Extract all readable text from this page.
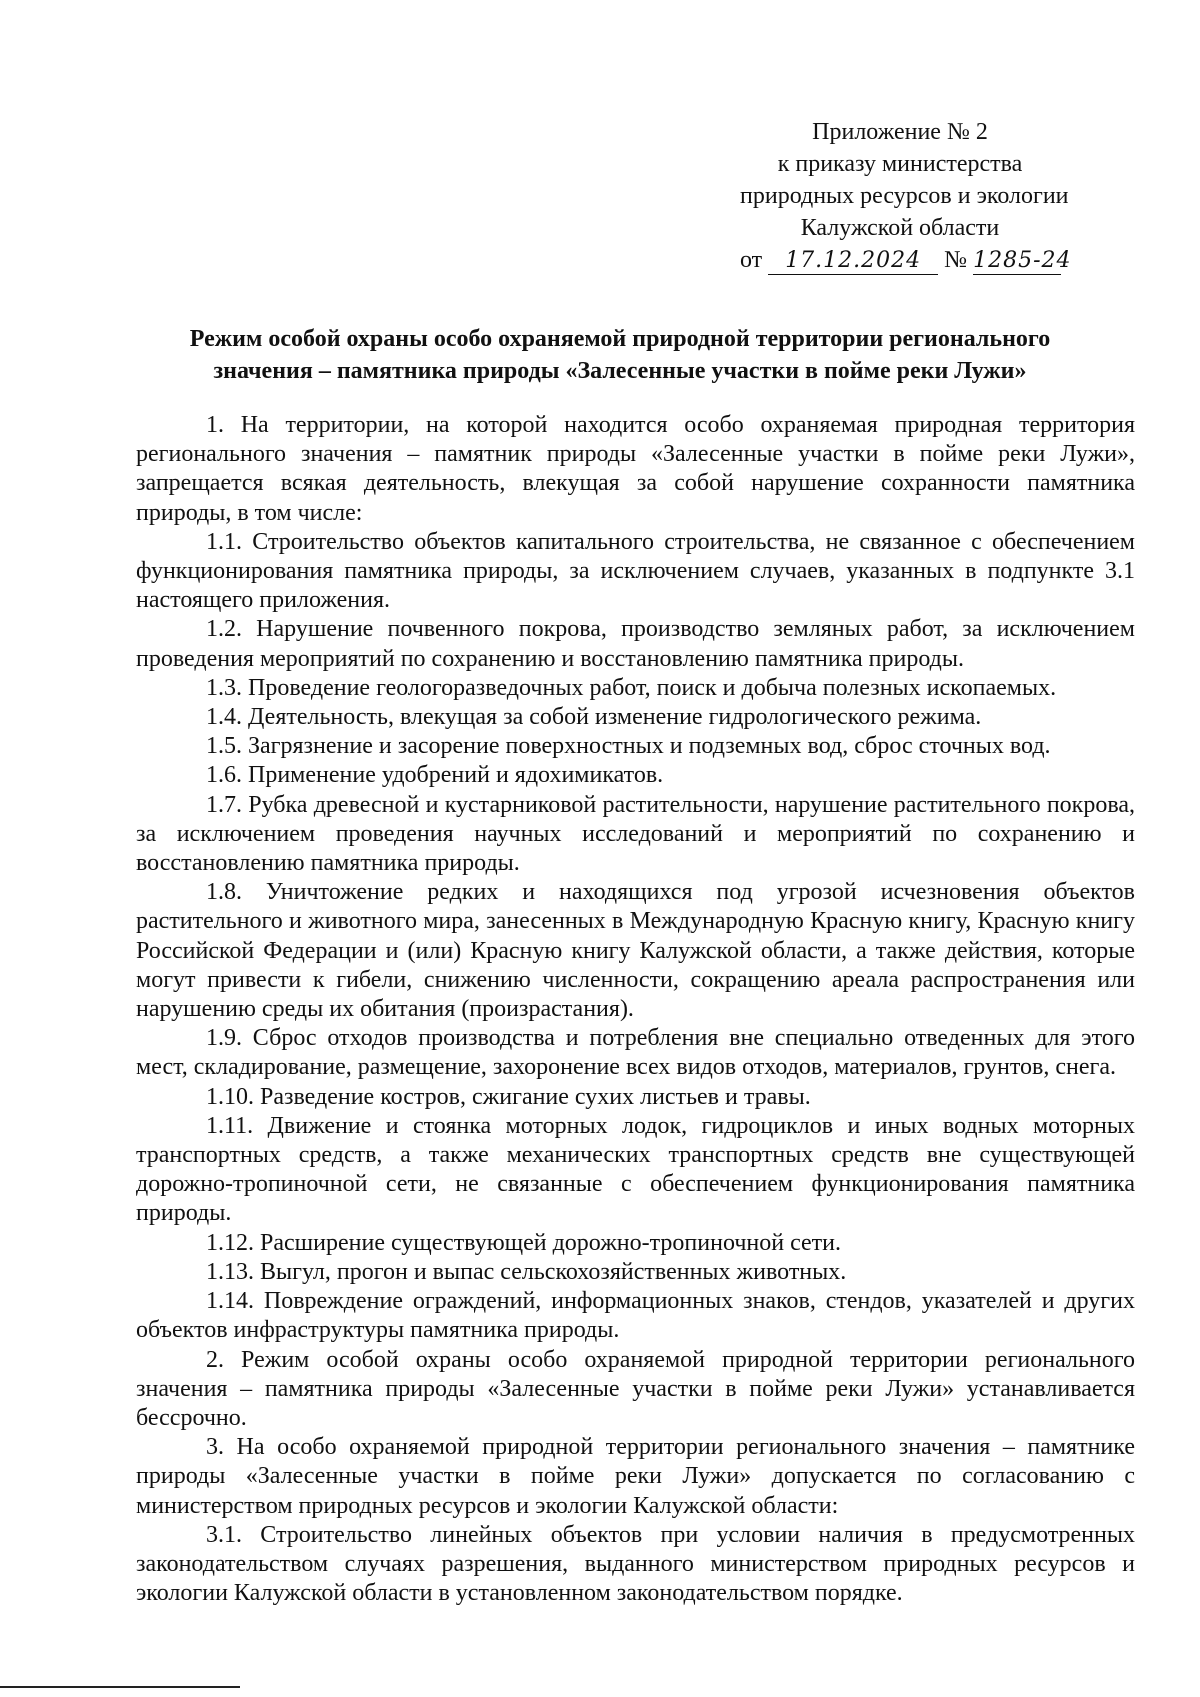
Приложение № 2
к приказу министерства
природных ресурсов и экологии
Калужской области
от 17.12.2024 № 1285-24
Режим особой охраны особо охраняемой природной территории регионального
значения – памятника природы «Залесенные участки в пойме реки Лужи»

1. На территории, на которой находится особо охраняемая природная территория регионального значения – памятник природы «Залесенные участки в пойме реки Лужи», запрещается всякая деятельность, влекущая за собой нарушение сохранности памятника природы, в том числе:

1.1. Строительство объектов капитального строительства, не связанное с обеспечением функционирования памятника природы, за исключением случаев, указанных в подпункте 3.1 настоящего приложения.

1.2. Нарушение почвенного покрова, производство земляных работ, за исключением проведения мероприятий по сохранению и восстановлению памятника природы.

1.3. Проведение геологоразведочных работ, поиск и добыча полезных ископаемых.

1.4. Деятельность, влекущая за собой изменение гидрологического режима.

1.5. Загрязнение и засорение поверхностных и подземных вод, сброс сточных вод.

1.6. Применение удобрений и ядохимикатов.

1.7. Рубка древесной и кустарниковой растительности, нарушение растительного покрова, за исключением проведения научных исследований и мероприятий по сохранению и восстановлению памятника природы.

1.8. Уничтожение редких и находящихся под угрозой исчезновения объектов растительного и животного мира, занесенных в Международную Красную книгу, Красную книгу Российской Федерации и (или) Красную книгу Калужской области, а также действия, которые могут привести к гибели, снижению численности, сокращению ареала распространения или нарушению среды их обитания (произрастания).

1.9. Сброс отходов производства и потребления вне специально отведенных для этого мест, складирование, размещение, захоронение всех видов отходов, материалов, грунтов, снега.

1.10. Разведение костров, сжигание сухих листьев и травы.

1.11. Движение и стоянка моторных лодок, гидроциклов и иных водных моторных транспортных средств, а также механических транспортных средств вне существующей дорожно-тропиночной сети, не связанные с обеспечением функционирования памятника природы.

1.12. Расширение существующей дорожно-тропиночной сети.

1.13. Выгул, прогон и выпас сельскохозяйственных животных.

1.14. Повреждение ограждений, информационных знаков, стендов, указателей и других объектов инфраструктуры памятника природы.

2. Режим особой охраны особо охраняемой природной территории регионального значения – памятника природы «Залесенные участки в пойме реки Лужи» устанавливается бессрочно.

3. На особо охраняемой природной территории регионального значения – памятнике природы «Залесенные участки в пойме реки Лужи» допускается по согласованию с министерством природных ресурсов и экологии Калужской области:

3.1. Строительство линейных объектов при условии наличия в предусмотренных законодательством случаях разрешения, выданного министерством природных ресурсов и экологии Калужской области в установленном законодательством порядке.
